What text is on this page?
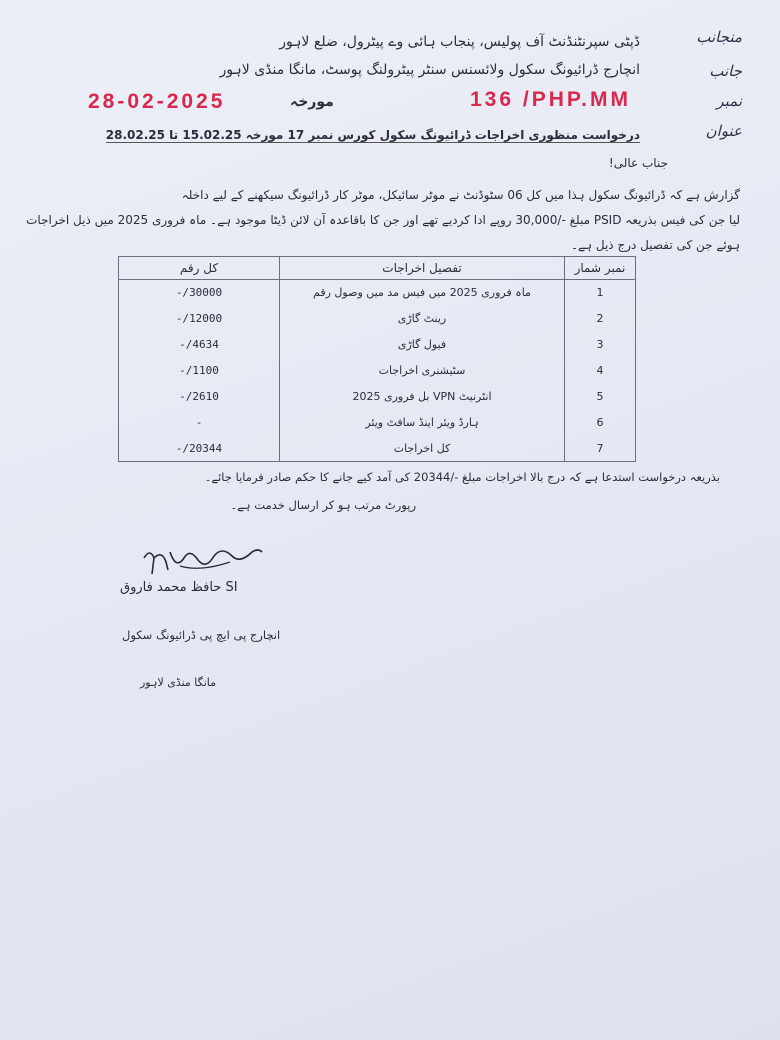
منجانب
ڈپٹی سپرنٹنڈنٹ آف پولیس، پنجاب ہائی وے پیٹرول، ضلع لاہور
جانب
انچارج ڈرائیونگ سکول ولائسنس سنٹر پیٹرولنگ پوسٹ، مانگا منڈی لاہور
نمبر
136 /PHP.MM
مورخہ
28-02-2025
عنوان
درخواست منظوری اخراجات ڈرائیونگ سکول کورس نمبر 17 مورخہ 15.02.25 تا 28.02.25
جناب عالی!
گزارش ہے کہ ڈرائیونگ سکول ہذا میں کل 06 سٹوڈنٹ نے موٹر سائیکل، موٹر کار ڈرائیونگ سیکھنے کے لیے داخلہ
لیا جن کی فیس بذریعہ PSID مبلغ -/30,000 روپے ادا کردیے تھے اور جن کا باقاعدہ آن لائن ڈیٹا موجود ہے۔ ماہ فروری 2025 میں ذیل اخراجات
ہوئے جن کی تفصیل درج ذیل ہے۔
نمبر شمار	تفصیل اخراجات	کل رقم
1	ماہ فروری 2025 میں فیس مد میں وصول رقم	30000/-
2	رینٹ گاڑی	12000/-
3	فیول گاڑی	4634/-
4	سٹیشنری اخراجات	1100/-
5	انٹرنیٹ VPN بل فروری 2025	2610/-
6	ہارڈ ویئر اینڈ سافٹ ویئر	-
7	کل اخراجات	20344/-
بذریعہ درخواست استدعا ہے کہ درج بالا اخراجات مبلغ -/20344 کی آمد کیے جانے کا حکم صادر فرمایا جائے۔
رپورٹ مرتب ہو کر ارسال خدمت ہے۔
SI حافظ محمد فاروق
انچارج پی ایچ پی ڈرائیونگ سکول
مانگا منڈی لاہور
